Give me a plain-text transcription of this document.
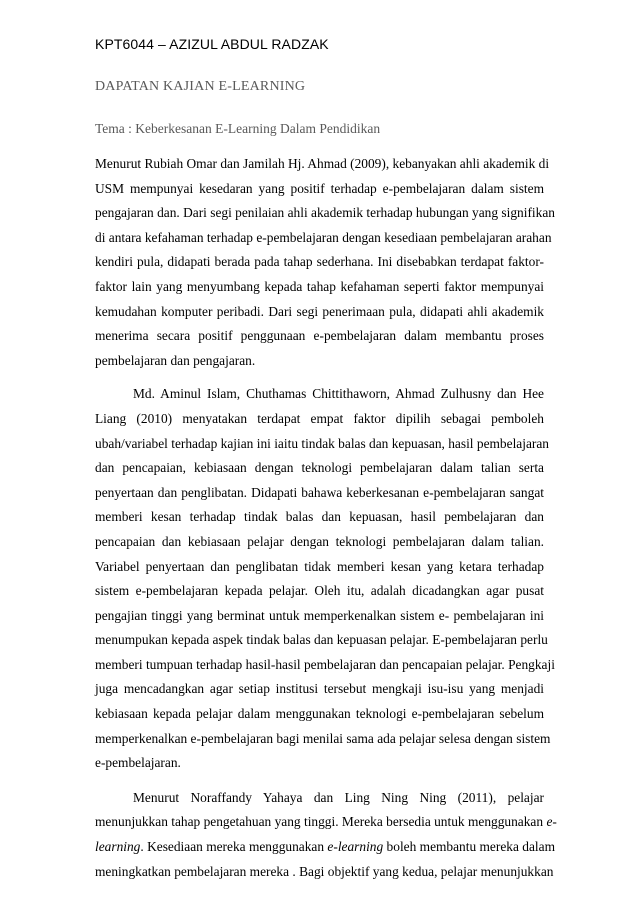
KPT6044 – AZIZUL ABDUL RADZAK
DAPATAN KAJIAN E-LEARNING
Tema : Keberkesanan E-Learning Dalam Pendidikan

Menurut Rubiah Omar dan Jamilah Hj. Ahmad (2009), kebanyakan ahli akademik di
USM mempunyai kesedaran yang positif terhadap e-pembelajaran dalam sistem
pengajaran dan. Dari segi penilaian ahli akademik terhadap hubungan yang signifikan
di antara kefahaman terhadap e-pembelajaran dengan kesediaan pembelajaran arahan
kendiri pula, didapati berada pada tahap sederhana. Ini disebabkan terdapat faktor-
faktor lain yang menyumbang kepada tahap kefahaman seperti faktor mempunyai
kemudahan komputer peribadi. Dari segi penerimaan pula, didapati ahli akademik
menerima secara positif penggunaan e-pembelajaran dalam membantu proses
pembelajaran dan pengajaran.

Md. Aminul Islam, Chuthamas Chittithaworn, Ahmad Zulhusny dan Hee
Liang (2010) menyatakan terdapat empat faktor dipilih sebagai pemboleh
ubah/variabel terhadap kajian ini iaitu tindak balas dan kepuasan, hasil pembelajaran
dan pencapaian, kebiasaan dengan teknologi pembelajaran dalam talian serta
penyertaan dan penglibatan. Didapati bahawa keberkesanan e-pembelajaran sangat
memberi kesan terhadap tindak balas dan kepuasan, hasil pembelajaran dan
pencapaian dan kebiasaan pelajar dengan teknologi pembelajaran dalam talian.
Variabel penyertaan dan penglibatan tidak memberi kesan yang ketara terhadap
sistem e-pembelajaran kepada pelajar. Oleh itu, adalah dicadangkan agar pusat
pengajian tinggi yang berminat untuk memperkenalkan sistem e- pembelajaran ini
menumpukan kepada aspek tindak balas dan kepuasan pelajar. E-pembelajaran perlu
memberi tumpuan terhadap hasil-hasil pembelajaran dan pencapaian pelajar. Pengkaji
juga mencadangkan agar setiap institusi tersebut mengkaji isu-isu yang menjadi
kebiasaan kepada pelajar dalam menggunakan teknologi e-pembelajaran sebelum
memperkenalkan e-pembelajaran bagi menilai sama ada pelajar selesa dengan sistem
e-pembelajaran.

Menurut Noraffandy Yahaya dan Ling Ning Ning (2011), pelajar
menunjukkan tahap pengetahuan yang tinggi. Mereka bersedia untuk menggunakan e-
learning. Kesediaan mereka menggunakan e-learning boleh membantu mereka dalam
meningkatkan pembelajaran mereka . Bagi objektif yang kedua, pelajar menunjukkan
